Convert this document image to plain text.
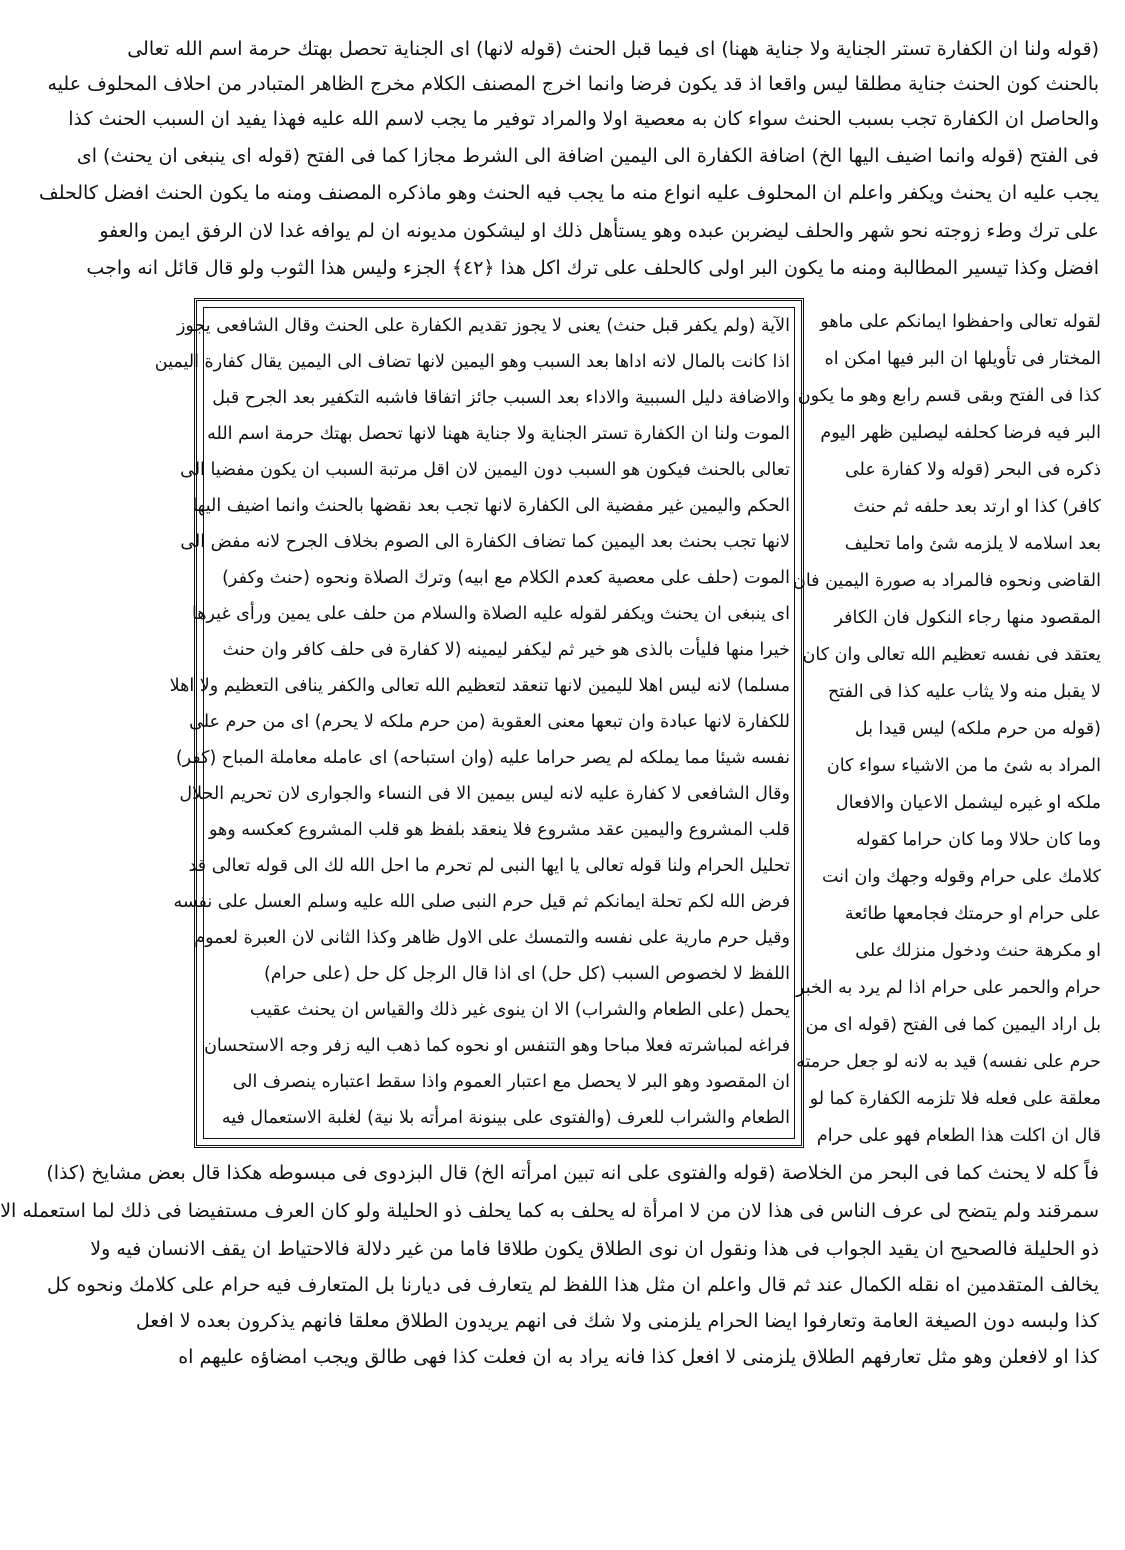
(قوله ولنا ان الكفارة تستر الجناية ولا جناية ههنا) اى فيما قبل الحنث (قوله لانها) اى الجناية تحصل بهتك حرمة اسم الله تعالى
بالحنث كون الحنث جناية مطلقا ليس واقعا اذ قد يكون فرضا وانما اخرج المصنف الكلام مخرج الظاهر المتبادر من احلاف المحلوف عليه
والحاصل ان الكفارة تجب بسبب الحنث سواء كان به معصية اولا والمراد توفير ما يجب لاسم الله عليه فهذا يفيد ان السبب الحنث كذا
فى الفتح (قوله وانما اضيف اليها الخ) اضافة الكفارة الى اليمين اضافة الى الشرط مجازا كما فى الفتح (قوله اى ينبغى ان يحنث) اى
يجب عليه ان يحنث ويكفر واعلم ان المحلوف عليه انواع منه ما يجب فيه الحنث وهو ماذكره المصنف ومنه ما يكون الحنث افضل كالحلف
على ترك وطء زوجته نحو شهر والحلف ليضربن عبده وهو يستأهل ذلك او ليشكون مديونه ان لم يوافه غدا لان الرفق ايمن والعفو
افضل وكذا تيسير المطالبة ومنه ما يكون البر اولى كالحلف على ترك اكل هذا ﴿٤٢﴾ الجزء وليس هذا الثوب ولو قال قائل انه واجب
لقوله تعالى واحفظوا ايمانكم على ماهو
المختار فى تأويلها ان البر فيها امكن اه
كذا فى الفتح وبقى قسم رابع وهو ما يكون
البر فيه فرضا كحلفه ليصلين ظهر اليوم
ذكره فى البحر (قوله ولا كفارة على
كافر) كذا او ارتد بعد حلفه ثم حنث
بعد اسلامه لا يلزمه شئ واما تحليف
القاضى ونحوه فالمراد به صورة اليمين فان
المقصود منها رجاء النكول فان الكافر
يعتقد فى نفسه تعظيم الله تعالى وان كان
لا يقبل منه ولا يثاب عليه كذا فى الفتح
(قوله من حرم ملكه) ليس قيدا بل
المراد به شئ ما من الاشياء سواء كان
ملكه او غيره ليشمل الاعيان والافعال
وما كان حلالا وما كان حراما كقوله
كلامك على حرام وقوله وجهك وان انت
على حرام او حرمتك فجامعها طائعة
او مكرهة حنث ودخول منزلك على
حرام والحمر على حرام اذا لم يرد به الخبر
بل اراد اليمين كما فى الفتح (قوله اى من
حرم على نفسه) قيد به لانه لو جعل حرمته
معلقة على فعله فلا تلزمه الكفارة كما لو
قال ان اكلت هذا الطعام فهو على حرام
الآية (ولم يكفر قبل حنث) يعنى لا يجوز تقديم الكفارة على الحنث وقال الشافعى يجوز
اذا كانت بالمال لانه اداها بعد السبب وهو اليمين لانها تضاف الى اليمين يقال كفارة اليمين
والاضافة دليل السببية والاداء بعد السبب جائز اتفاقا فاشبه التكفير بعد الجرح قبل
الموت ولنا ان الكفارة تستر الجناية ولا جناية ههنا لانها تحصل بهتك حرمة اسم الله
تعالى بالحنث فيكون هو السبب دون اليمين لان اقل مرتبة السبب ان يكون مفضيا الى
الحكم واليمين غير مفضية الى الكفارة لانها تجب بعد نقضها بالحنث وانما اضيف اليها
لانها تجب بحنث بعد اليمين كما تضاف الكفارة الى الصوم بخلاف الجرح لانه مفض الى
الموت (حلف على معصية كعدم الكلام مع ابيه) وترك الصلاة ونحوه (حنث وكفر)
اى ينبغى ان يحنث ويكفر لقوله عليه الصلاة والسلام من حلف على يمين ورأى غيرها
خيرا منها فليأت بالذى هو خير ثم ليكفر ليمينه (لا كفارة فى حلف كافر وان حنث
مسلما) لانه ليس اهلا لليمين لانها تنعقد لتعظيم الله تعالى والكفر ينافى التعظيم ولا اهلا
للكفارة لانها عبادة وان تبعها معنى العقوبة (من حرم ملكه لا يحرم) اى من حرم على
نفسه شيئا مما يملكه لم يصر حراما عليه (وان استباحه) اى عامله معاملة المباح (كفر)
وقال الشافعى لا كفارة عليه لانه ليس بيمين الا فى النساء والجوارى لان تحريم الحلال
قلب المشروع واليمين عقد مشروع فلا ينعقد بلفظ هو قلب المشروع كعكسه وهو
تحليل الحرام ولنا قوله تعالى يا ايها النبى لم تحرم ما احل الله لك الى قوله تعالى قد
فرض الله لكم تحلة ايمانكم ثم قيل حرم النبى صلى الله عليه وسلم العسل على نفسه
وقيل حرم مارية على نفسه والتمسك على الاول ظاهر وكذا الثانى لان العبرة لعموم
اللفظ لا لخصوص السبب (كل حل) اى اذا قال الرجل كل حل (على حرام)
يحمل (على الطعام والشراب) الا ان ينوى غير ذلك والقياس ان يحنث عقيب
فراغه لمباشرته فعلا مباحا وهو التنفس او نحوه كما ذهب اليه زفر وجه الاستحسان
ان المقصود وهو البر لا يحصل مع اعتبار العموم واذا سقط اعتباره ينصرف الى
الطعام والشراب للعرف (والفتوى على بينونة امرأته بلا نية) لغلبة الاستعمال فيه
فاً كله لا يحنث كما فى البحر من الخلاصة (قوله والفتوى على انه تبين امرأته الخ) قال البزدوى فى مبسوطه هكذا قال بعض مشايخ (كذا)
سمرقند ولم يتضح لى عرف الناس فى هذا لان من لا امرأة له يحلف به كما يحلف ذو الحليلة ولو كان العرف مستفيضا فى ذلك لما استعمله الا
ذو الحليلة فالصحيح ان يقيد الجواب فى هذا ونقول ان نوى الطلاق يكون طلاقا فاما من غير دلالة فالاحتياط ان يقف الانسان فيه ولا
يخالف المتقدمين اه نقله الكمال عند ثم قال واعلم ان مثل هذا اللفظ لم يتعارف فى ديارنا بل المتعارف فيه حرام على كلامك ونحوه كل
كذا ولبسه دون الصيغة العامة وتعارفوا ايضا الحرام يلزمنى ولا شك فى انهم يريدون الطلاق معلقا فانهم يذكرون بعده لا افعل
كذا او لافعلن وهو مثل تعارفهم الطلاق يلزمنى لا افعل كذا فانه يراد به ان فعلت كذا فهى طالق ويجب امضاؤه عليهم اه
